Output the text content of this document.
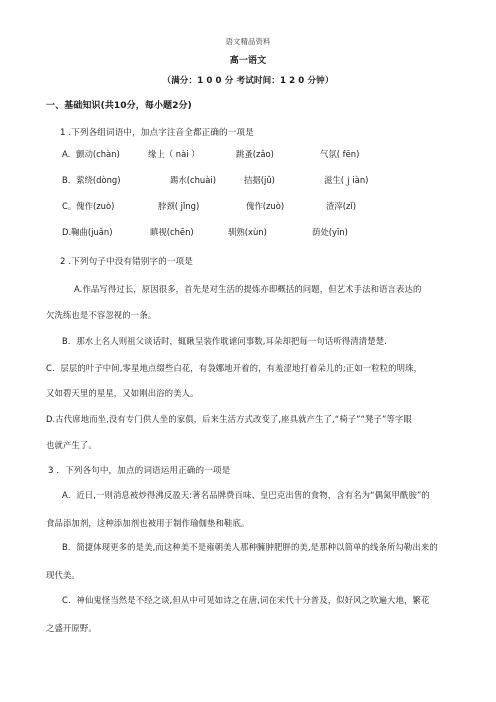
语文精品资料
高一语文
（满分：1 0 0 分 考试时间：1 2 0 分钟）
一、基础知识(共10分，每小题2分)
1 .下列各组词语中，加点字注音全都正确的一项是
A．颤动(chàn)	缘上（ nài ）	跳蚤(zǎo)	气氛( fēn)
B．萦绕(dòng)	踢水(chuài)	拮据(jǔ)	滋生(ｊiàn)
C。傀作(zuò)	脖颈( jǐng)	傀作(zuò)	渣滓(zǐ)
D.鞠曲(juǎn)	瞋视(chēn)	驯熟(xùn)	荫处(yīn)
2 .下列句子中没有错别字的一项是
A.作品写得过长，原因很多，首先是对生活的提炼亦即概括的问题，但艺术手法和语言表达的
欠洗练也是不容忽视的一条。
B．那水上名人则祖父谈话时，辄瞅呈装作耽谑问事数,耳朵却把每一句话听得清清楚楚.
C．层层的叶子中间,零星地点缀些白花，有袅娜地开着的，有羞涩地打着朵儿的;正如一粒粒的明珠，
又如碧天里的星星，又如刚出浴的美人。
D.古代席地而坐,没有专门供人坐的家俱，后来生活方式改变了,座具就产生了,“椅子”“凳子”等字眼
也就产生了。
3 ．下列各句中，加点的词语运用正确的一项是
A．近日,一则消息被炒得沸反盈天:著名品牌费百味、皇巴克出售的食物，含有名为“偶氮甲酰胺”的
食品添加剂，这种添加剂也被用于制作瑜伽垫和鞋底。
B．简捷体现更多的是美,而这种美不是雍朝美人那种臃肿肥胖的美,是那种以简单的线条所勾勒出来的
现代美。
C．神仙鬼怪当然是不经之谈,但从中可见如诗之在唐,词在宋代十分普及，似好风之吹遍大地，繁花
之盛开原野。
